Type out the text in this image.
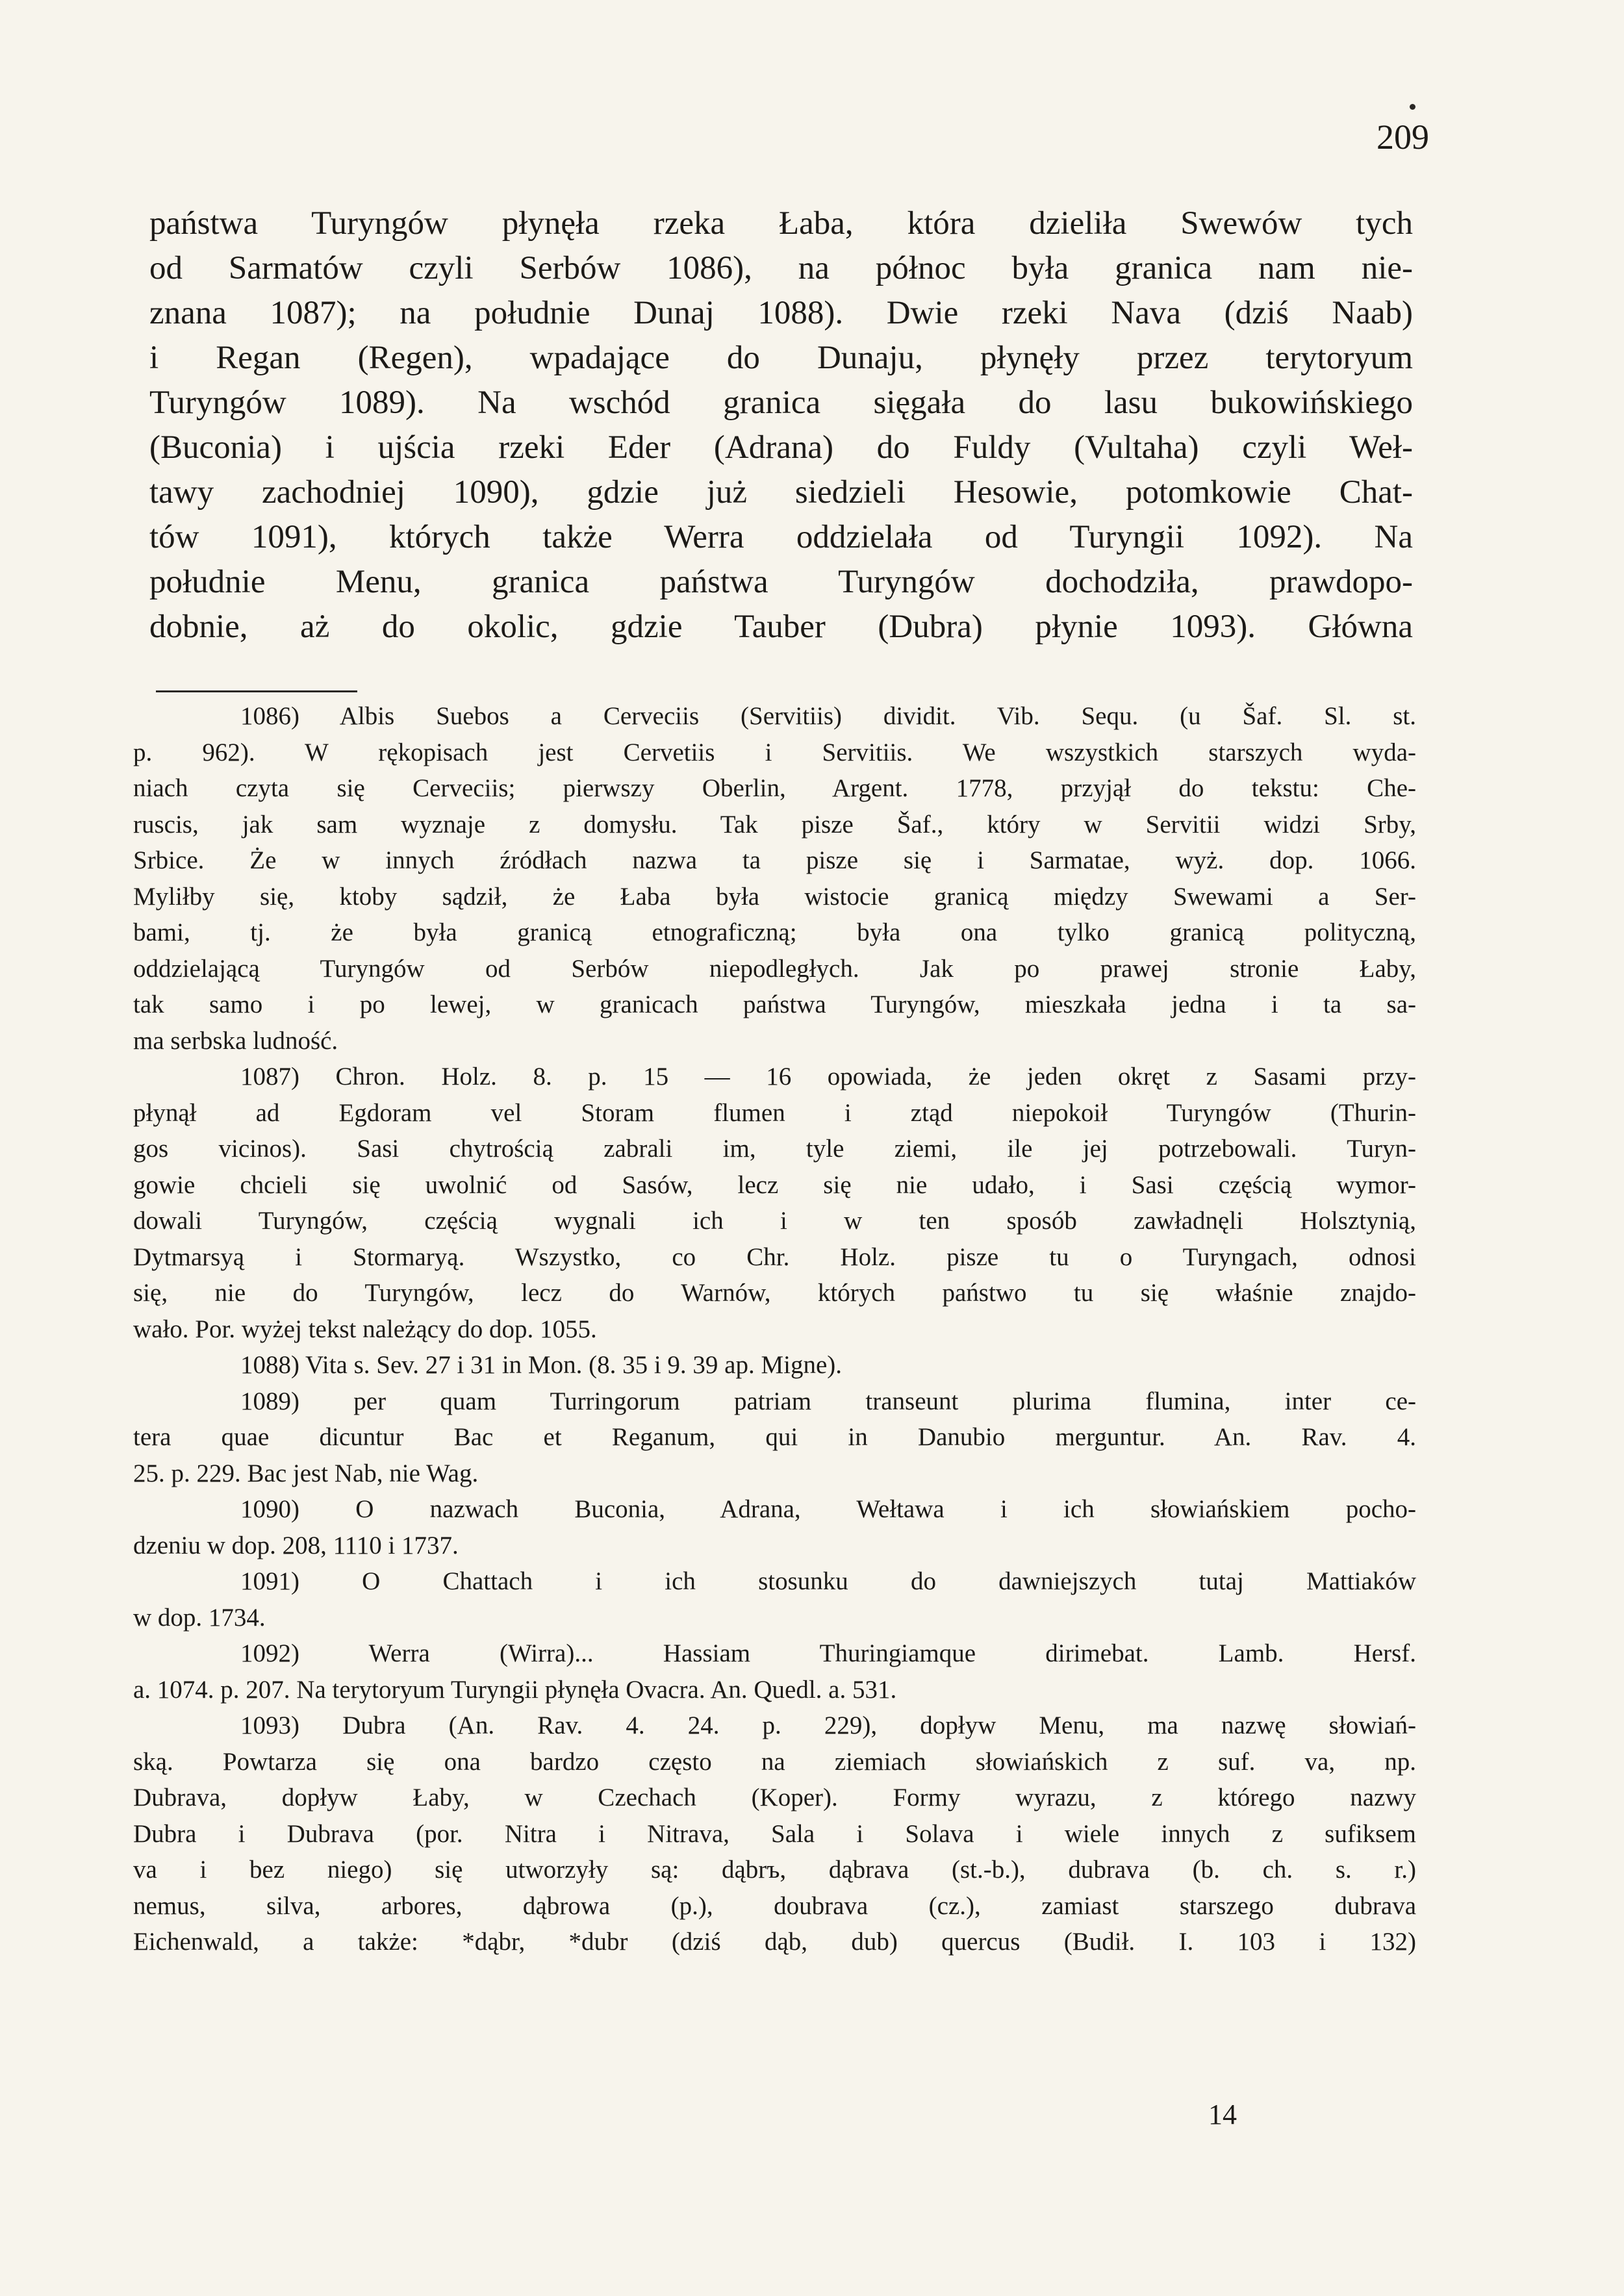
209
państwa Turyngów płynęła rzeka Łaba, która dzieliła Swewów tych
od Sarmatów czyli Serbów 1086), na północ była granica nam nie-
znana 1087); na południe Dunaj 1088). Dwie rzeki Nava (dziś Naab)
i Regan (Regen), wpadające do Dunaju, płynęły przez terytoryum
Turyngów 1089). Na wschód granica sięgała do lasu bukowińskiego
(Buconia) i ujścia rzeki Eder (Adrana) do Fuldy (Vultaha) czyli Weł-
tawy zachodniej 1090), gdzie już siedzieli Hesowie, potomkowie Chat-
tów 1091), których także Werra oddzielała od Turyngii 1092). Na
południe Menu, granica państwa Turyngów dochodziła, prawdopo-
dobnie, aż do okolic, gdzie Tauber (Dubra) płynie 1093). Główna
1086) Albis Suebos a Cerveciis (Servitiis) dividit. Vib. Sequ. (u Šaf. Sl. st.
p. 962). W rękopisach jest Cervetiis i Servitiis. We wszystkich starszych wyda-
niach czyta się Cerveciis; pierwszy Oberlin, Argent. 1778, przyjął do tekstu: Che-
ruscis, jak sam wyznaje z domysłu. Tak pisze Šaf., który w Servitii widzi Srby,
Srbice. Że w innych źródłach nazwa ta pisze się i Sarmatae, wyż. dop. 1066.
Myliłby się, ktoby sądził, że Łaba była wistocie granicą między Swewami a Ser-
bami, tj. że była granicą etnograficzną; była ona tylko granicą polityczną,
oddzielającą Turyngów od Serbów niepodległych. Jak po prawej stronie Łaby,
tak samo i po lewej, w granicach państwa Turyngów, mieszkała jedna i ta sa-
ma serbska ludność.
1087) Chron. Holz. 8. p. 15 — 16 opowiada, że jeden okręt z Sasami przy-
płynął ad Egdoram vel Storam flumen i ztąd niepokoił Turyngów (Thurin-
gos vicinos). Sasi chytrością zabrali im, tyle ziemi, ile jej potrzebowali. Turyn-
gowie chcieli się uwolnić od Sasów, lecz się nie udało, i Sasi częścią wymor-
dowali Turyngów, częścią wygnali ich i w ten sposób zawładnęli Holsztynią,
Dytmarsyą i Stormaryą. Wszystko, co Chr. Holz. pisze tu o Turyngach, odnosi
się, nie do Turyngów, lecz do Warnów, których państwo tu się właśnie znajdo-
wało. Por. wyżej tekst należący do dop. 1055.
1088) Vita s. Sev. 27 i 31 in Mon. (8. 35 i 9. 39 ap. Migne).
1089) per quam Turringorum patriam transeunt plurima flumina, inter ce-
tera quae dicuntur Bac et Reganum, qui in Danubio merguntur. An. Rav. 4.
25. p. 229. Bac jest Nab, nie Wag.
1090) O nazwach Buconia, Adrana, Wełtawa i ich słowiańskiem pocho-
dzeniu w dop. 208, 1110 i 1737.
1091) O Chattach i ich stosunku do dawniejszych tutaj Mattiaków
w dop. 1734.
1092) Werra (Wirra)... Hassiam Thuringiamque dirimebat. Lamb. Hersf.
a. 1074. p. 207. Na terytoryum Turyngii płynęła Ovacra. An. Quedl. a. 531.
1093) Dubra (An. Rav. 4. 24. p. 229), dopływ Menu, ma nazwę słowiań-
ską. Powtarza się ona bardzo często na ziemiach słowiańskich z suf. va, np.
Dubrava, dopływ Łaby, w Czechach (Koper). Formy wyrazu, z którego nazwy
Dubra i Dubrava (por. Nitra i Nitrava, Sala i Solava i wiele innych z sufiksem
va i bez niego) się utworzyły są: dąbrъ, dąbrava (st.-b.), dubrava (b. ch. s. r.)
nemus, silva, arbores, dąbrowa (p.), doubrava (cz.), zamiast starszego dubrava
Eichenwald, a także: *dąbr, *dubr (dziś dąb, dub) quercus (Budił. I. 103 i 132)
14
